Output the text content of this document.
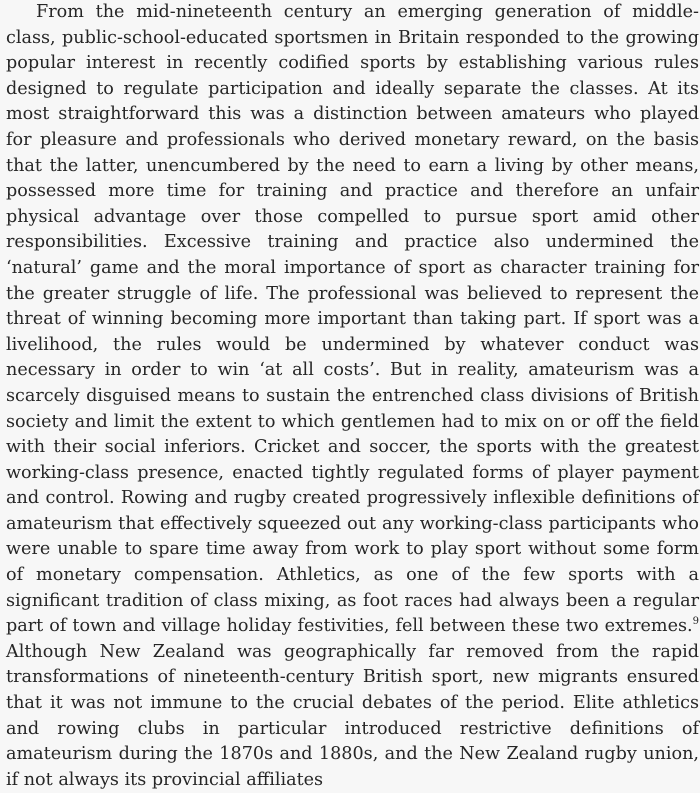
From the mid-nineteenth century an emerging generation of middle-class, public-school-educated sportsmen in Britain responded to the growing popular interest in recently codified sports by establishing various rules designed to regulate participation and ideally separate the classes. At its most straightforward this was a distinction between amateurs who played for pleasure and professionals who derived monetary reward, on the basis that the latter, unencumbered by the need to earn a living by other means, possessed more time for training and practice and therefore an unfair physical advantage over those compelled to pursue sport amid other responsibilities. Excessive training and practice also undermined the ‘natural’ game and the moral importance of sport as character training for the greater struggle of life. The professional was believed to represent the threat of winning becoming more important than taking part. If sport was a livelihood, the rules would be undermined by whatever conduct was necessary in order to win ‘at all costs’. But in reality, amateurism was a scarcely disguised means to sustain the entrenched class divisions of British society and limit the extent to which gentlemen had to mix on or off the field with their social inferiors. Cricket and soccer, the sports with the greatest working-class presence, enacted tightly regulated forms of player payment and control. Rowing and rugby created progressively inflexible definitions of amateurism that effectively squeezed out any working-class participants who were unable to spare time away from work to play sport without some form of monetary compensation. Athletics, as one of the few sports with a significant tradition of class mixing, as foot races had always been a regular part of town and village holiday festivities, fell between these two extremes.$^9$ Although New Zealand was geographically far removed from the rapid transformations of nineteenth-century British sport, new migrants ensured that it was not immune to the crucial debates of the period. Elite athletics and rowing clubs in particular introduced restrictive definitions of amateurism during the 1870s and 1880s, and the New Zealand rugby union, if not always its provincial affiliates
